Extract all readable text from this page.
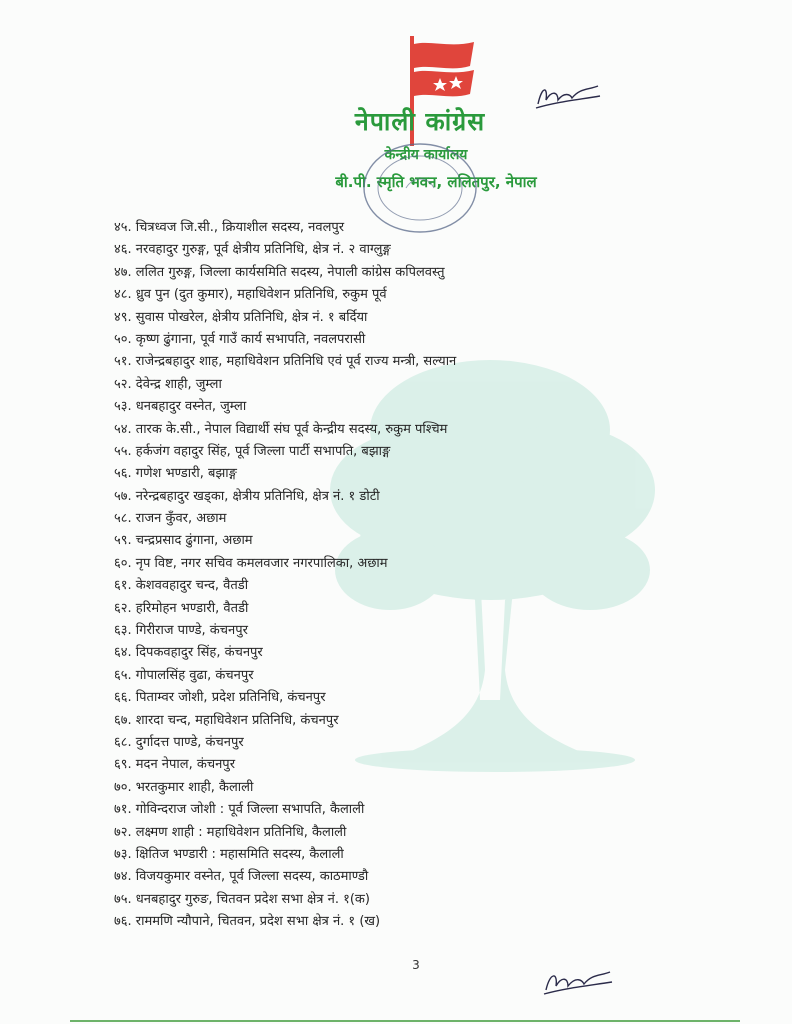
नेपाली कांग्रेस
केन्द्रीय कार्यालय
बी.पी. स्मृति भवन, ललितपुर, नेपाल
४५. चित्रध्वज जि.सी., क्रियाशील सदस्य, नवलपुर
४६. नरवहादुर गुरुङ्ग, पूर्व क्षेत्रीय प्रतिनिधि, क्षेत्र नं. २ वाग्लुङ्ग
४७. ललित गुरुङ्ग, जिल्ला कार्यसमिति सदस्य, नेपाली कांग्रेस कपिलवस्तु
४८. ध्रुव पुन (दुत कुमार), महाधिवेशन प्रतिनिधि, रुकुम पूर्व
४९. सुवास पोखरेल, क्षेत्रीय प्रतिनिधि, क्षेत्र नं. १ बर्दिया
५०. कृष्ण ढुंगाना, पूर्व गाउँ कार्य सभापति, नवलपरासी
५१. राजेन्द्रबहादुर शाह, महाधिवेशन प्रतिनिधि एवं पूर्व राज्य मन्त्री, सल्यान
५२. देवेन्द्र शाही, जुम्ला
५३. धनबहादुर वस्नेत, जुम्ला
५४. तारक के.सी., नेपाल विद्यार्थी संघ पूर्व केन्द्रीय सदस्य, रुकुम पश्चिम
५५. हर्कजंग वहादुर सिंह, पूर्व जिल्ला पार्टी सभापति, बझाङ्ग
५६. गणेश भण्डारी, बझाङ्ग
५७. नरेन्द्रबहादुर खड्का, क्षेत्रीय प्रतिनिधि, क्षेत्र नं. १ डोटी
५८. राजन कुँवर, अछाम
५९. चन्द्रप्रसाद ढुंगाना, अछाम
६०. नृप विष्ट, नगर सचिव कमलवजार नगरपालिका, अछाम
६१. केशववहादुर चन्द, वैतडी
६२. हरिमोहन भण्डारी, वैतडी
६३. गिरीराज पाण्डे, कंचनपुर
६४. दिपकवहादुर सिंह, कंचनपुर
६५. गोपालसिंह वुढा, कंचनपुर
६६. पिताम्वर जोशी, प्रदेश प्रतिनिधि, कंचनपुर
६७. शारदा चन्द, महाधिवेशन प्रतिनिधि, कंचनपुर
६८. दुर्गादत्त पाण्डे, कंचनपुर
६९. मदन नेपाल, कंचनपुर
७०. भरतकुमार शाही, कैलाली
७१. गोविन्दराज जोशी : पूर्व जिल्ला सभापति, कैलाली
७२. लक्ष्मण शाही : महाधिवेशन प्रतिनिधि, कैलाली
७३. क्षितिज भण्डारी : महासमिति सदस्य, कैलाली
७४. विजयकुमार वस्नेत, पूर्व जिल्ला सदस्य, काठमाण्डौ
७५. धनबहादुर गुरुङ, चितवन प्रदेश सभा क्षेत्र नं. १(क)
७६. राममणि न्यौपाने, चितवन, प्रदेश सभा क्षेत्र नं. १ (ख)
3
